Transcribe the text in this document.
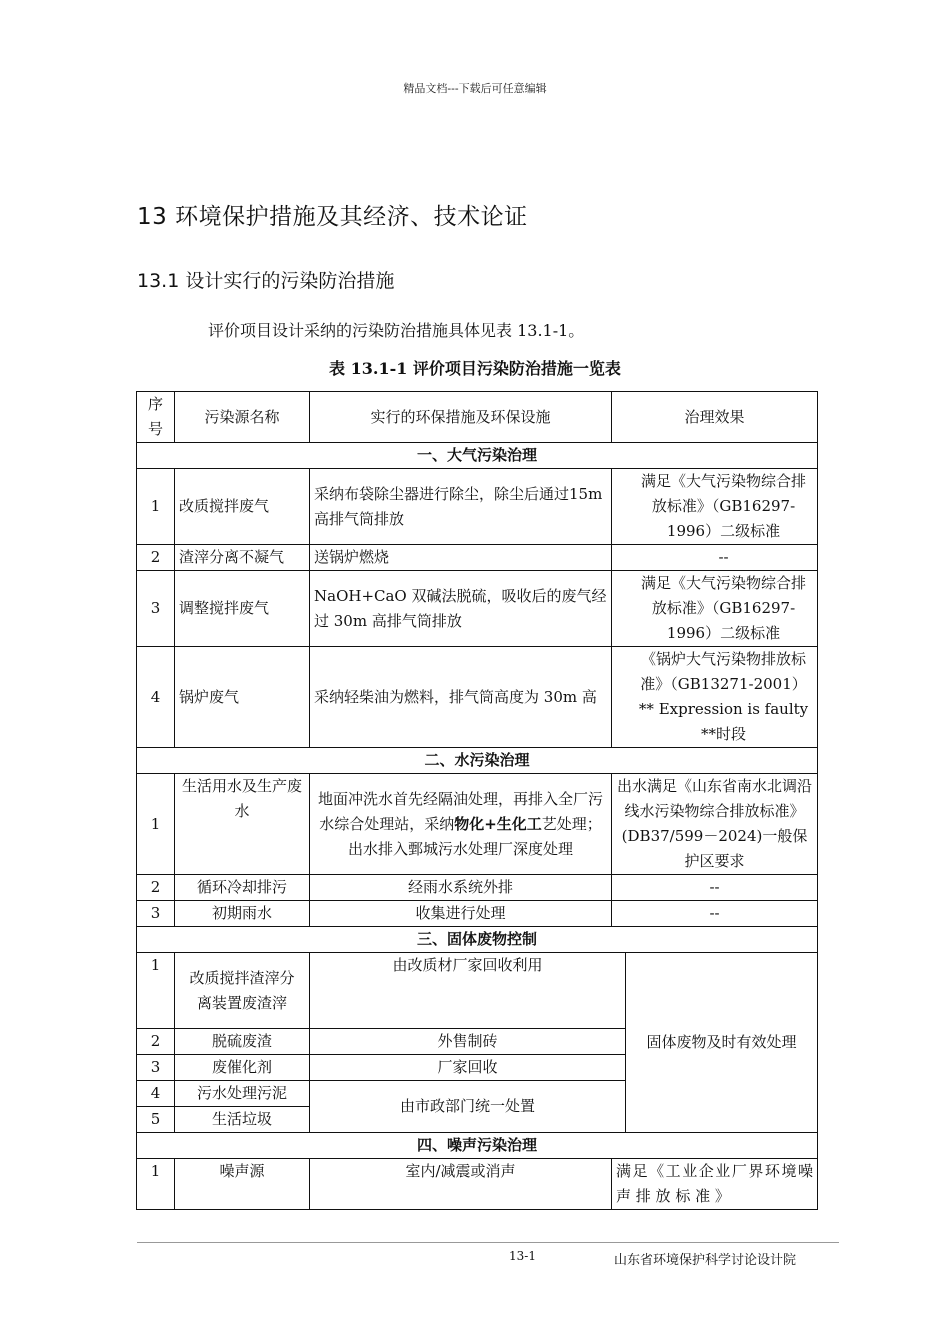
精品文档---下载后可任意编辑
13 环境保护措施及其经济、技术论证
13.1 设计实行的污染防治措施
评价项目设计采纳的污染防治措施具体见表 13.1-1。
表 13.1-1 评价项目污染防治措施一览表
序号	污染源名称	实行的环保措施及环保设施	治理效果	
一、大气污染治理				
1	改质搅拌废气	采纳布袋除尘器进行除尘，除尘后通过15m 高排气筒排放	满足《大气污染物综合排放标准》（GB16297-1996）二级标准	
2	渣滓分离不凝气	送锅炉燃烧	--	
3	调整搅拌废气	NaOH+CaO 双碱法脱硫，吸收后的废气经过 30m 高排气筒排放	满足《大气污染物综合排放标准》（GB16297-1996）二级标准	
4	锅炉废气	采纳轻柴油为燃料，排气筒高度为 30m 高	《锅炉大气污染物排放标准》（GB13271-2001）** Expression is faulty **时段	
二、水污染治理				
1	生活用水及生产废水	地面冲洗水首先经隔油处理，再排入全厂污水综合处理站，采纳物化+生化工艺处理；出水排入鄄城污水处理厂深度处理	出水满足《山东省南水北调沿线水污染物综合排放标准》(DB37/599－2024)一般保护区要求	
2	循环冷却排污	经雨水系统外排	--	
3	初期雨水	收集进行处理	--	
三、固体废物控制				
1	改质搅拌渣滓分离装置废渣滓	由改质材厂家回收利用		固体废物及时有效处理
2	脱硫废渣	外售制砖		
3	废催化剂	厂家回收		
4	污水处理污泥	由市政部门统一处置		
5	生活垃圾			
四、噪声污染治理				
1	噪声源	室内/减震或消声	满足《工业企业厂界环境噪 声 排 放 标 准 》	
13-1	山东省环境保护科学讨论设计院
